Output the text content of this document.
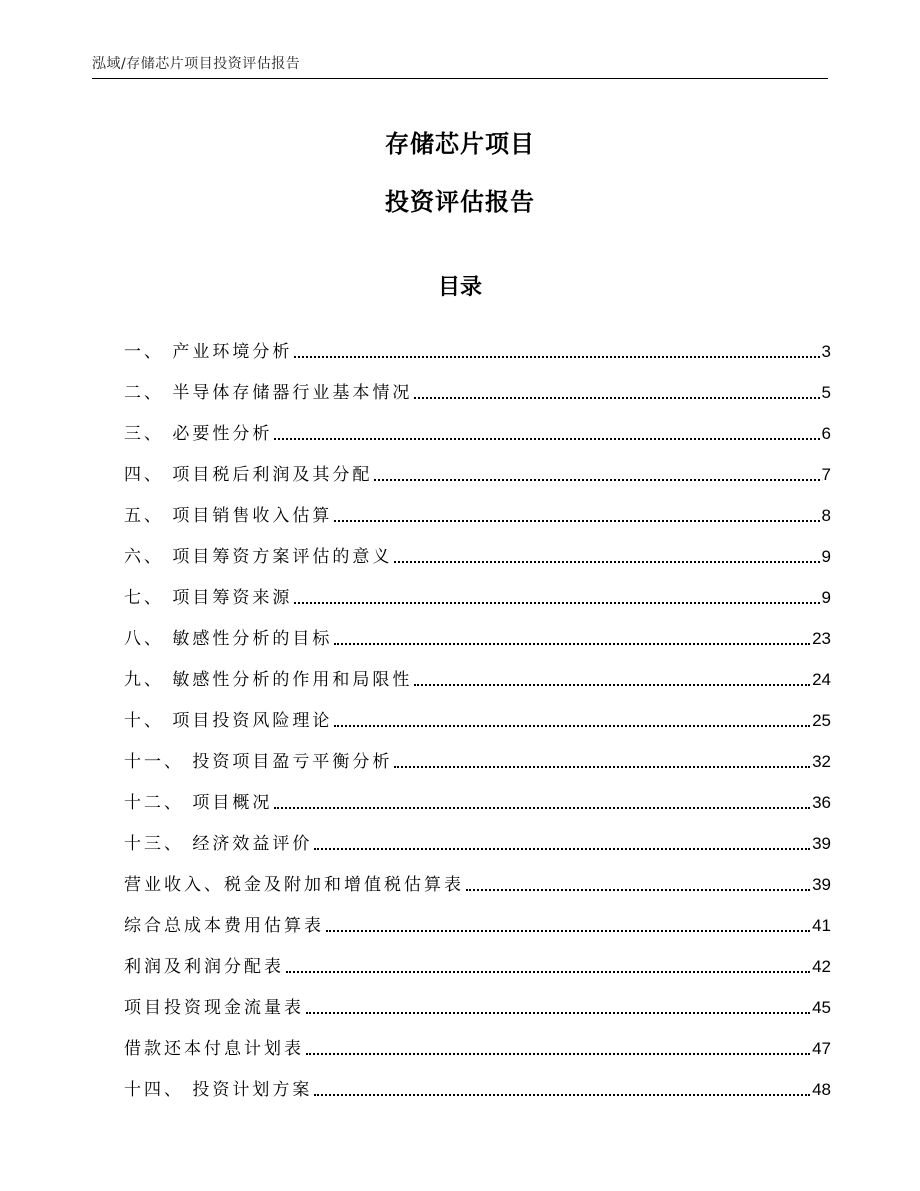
泓域/存储芯片项目投资评估报告
存储芯片项目
投资评估报告
目录
一、 产业环境分析	3
二、 半导体存储器行业基本情况	5
三、 必要性分析	6
四、 项目税后利润及其分配	7
五、 项目销售收入估算	8
六、 项目筹资方案评估的意义	9
七、 项目筹资来源	9
八、 敏感性分析的目标	23
九、 敏感性分析的作用和局限性	24
十、 项目投资风险理论	25
十一、 投资项目盈亏平衡分析	32
十二、 项目概况	36
十三、 经济效益评价	39
营业收入、税金及附加和增值税估算表	39
综合总成本费用估算表	41
利润及利润分配表	42
项目投资现金流量表	45
借款还本付息计划表	47
十四、 投资计划方案	48
